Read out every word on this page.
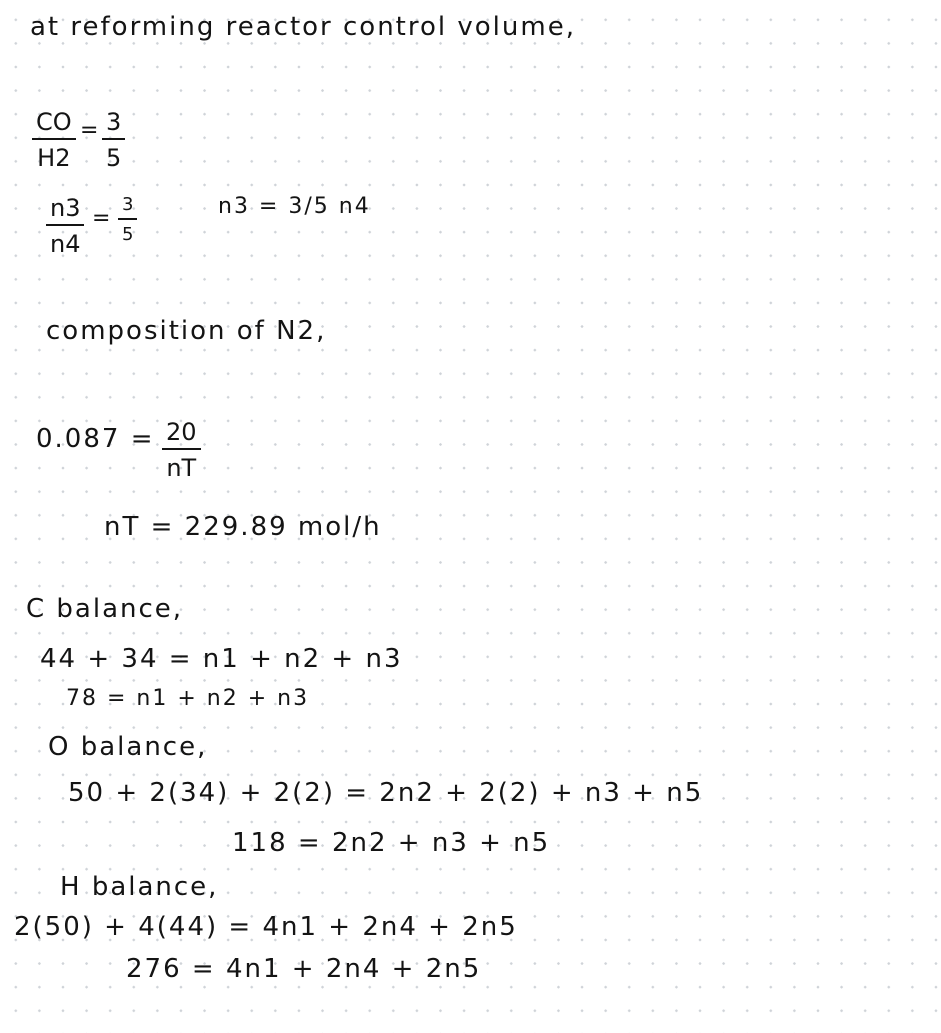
at reforming reactor control volume,
CO
H2
= 3
5
n3
n4
=
3
5
n3 = 3/5 n4
composition of N2,
0.087 = 20
nT
nT = 229.89 mol/h
C balance,
44 + 34 = n1 + n2 + n3
78 = n1 + n2 + n3
O balance,
50 + 2(34) + 2(2) = 2n2 + 2(2) + n3 + n5
118 = 2n2 + n3 + n5
H balance,
2(50) + 4(44) = 4n1 + 2n4 + 2n5
276 = 4n1 + 2n4 + 2n5
